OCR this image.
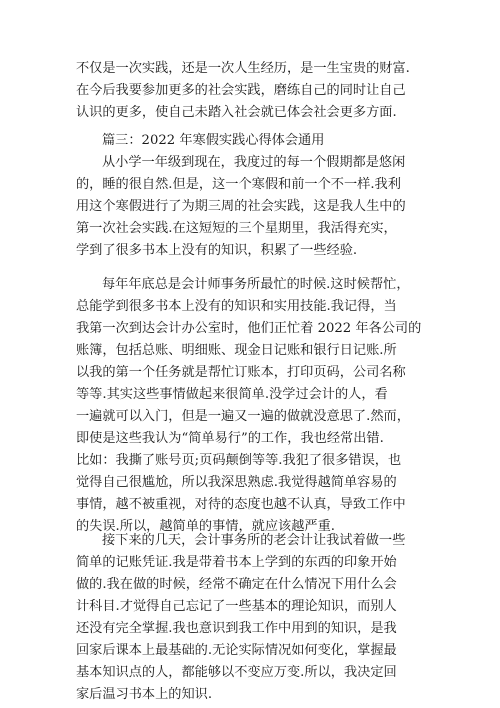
不仅是一次实践，还是一次人生经历，是一生宝贵的财富.
在今后我要参加更多的社会实践，磨练自己的同时让自己
认识的更多，使自己未踏入社会就已体会社会更多方面.
篇三：2022 年寒假实践心得体会通用
从小学一年级到现在，我度过的每一个假期都是悠闲
的，睡的很自然.但是，这一个寒假和前一个不一样.我利
用这个寒假进行了为期三周的社会实践，这是我人生中的
第一次社会实践.在这短短的三个星期里，我活得充实，
学到了很多书本上没有的知识，积累了一些经验.
每年年底总是会计师事务所最忙的时候.这时候帮忙，
总能学到很多书本上没有的知识和实用技能.我记得，当
我第一次到达会计办公室时，他们正忙着 2022 年各公司的
账簿，包括总账、明细账、现金日记账和银行日记账.所
以我的第一个任务就是帮忙订账本，打印页码，公司名称
等等.其实这些事情做起来很简单.没学过会计的人，看
一遍就可以入门，但是一遍又一遍的做就没意思了.然而，
即使是这些我认为“简单易行”的工作，我也经常出错.
比如：我撕了账号页;页码颠倒等等.我犯了很多错误，也
觉得自己很尴尬，所以我深思熟虑.我觉得越简单容易的
事情，越不被重视，对待的态度也越不认真，导致工作中
的失误.所以，越简单的事情，就应该越严重.
接下来的几天，会计事务所的老会计让我试着做一些
简单的记账凭证.我是带着书本上学到的东西的印象开始
做的.我在做的时候，经常不确定在什么情况下用什么会
计科目.才觉得自己忘记了一些基本的理论知识，而别人
还没有完全掌握.我也意识到我工作中用到的知识，是我
回家后课本上最基础的.无论实际情况如何变化，掌握最
基本知识点的人，都能够以不变应万变.所以，我决定回
家后温习书本上的知识.
